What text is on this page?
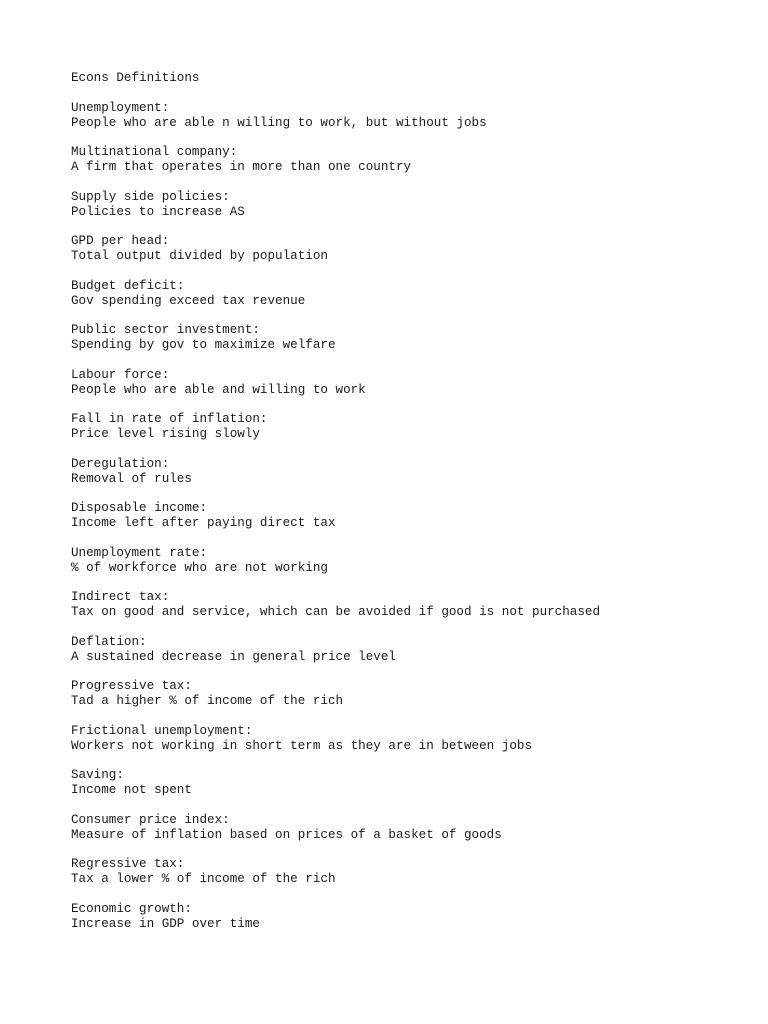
Econs Definitions
Unemployment:
People who are able n willing to work, but without jobs
Multinational company:
A firm that operates in more than one country
Supply side policies:
Policies to increase AS
GPD per head:
Total output divided by population
Budget deficit:
Gov spending exceed tax revenue
Public sector investment:
Spending by gov to maximize welfare
Labour force:
People who are able and willing to work
Fall in rate of inflation:
Price level rising slowly
Deregulation:
Removal of rules
Disposable income:
Income left after paying direct tax
Unemployment rate:
% of workforce who are not working
Indirect tax:
Tax on good and service, which can be avoided if good is not purchased
Deflation:
A sustained decrease in general price level
Progressive tax:
Tad a higher % of income of the rich
Frictional unemployment:
Workers not working in short term as they are in between jobs
Saving:
Income not spent
Consumer price index:
Measure of inflation based on prices of a basket of goods
Regressive tax:
Tax a lower % of income of the rich
Economic growth:
Increase in GDP over time
